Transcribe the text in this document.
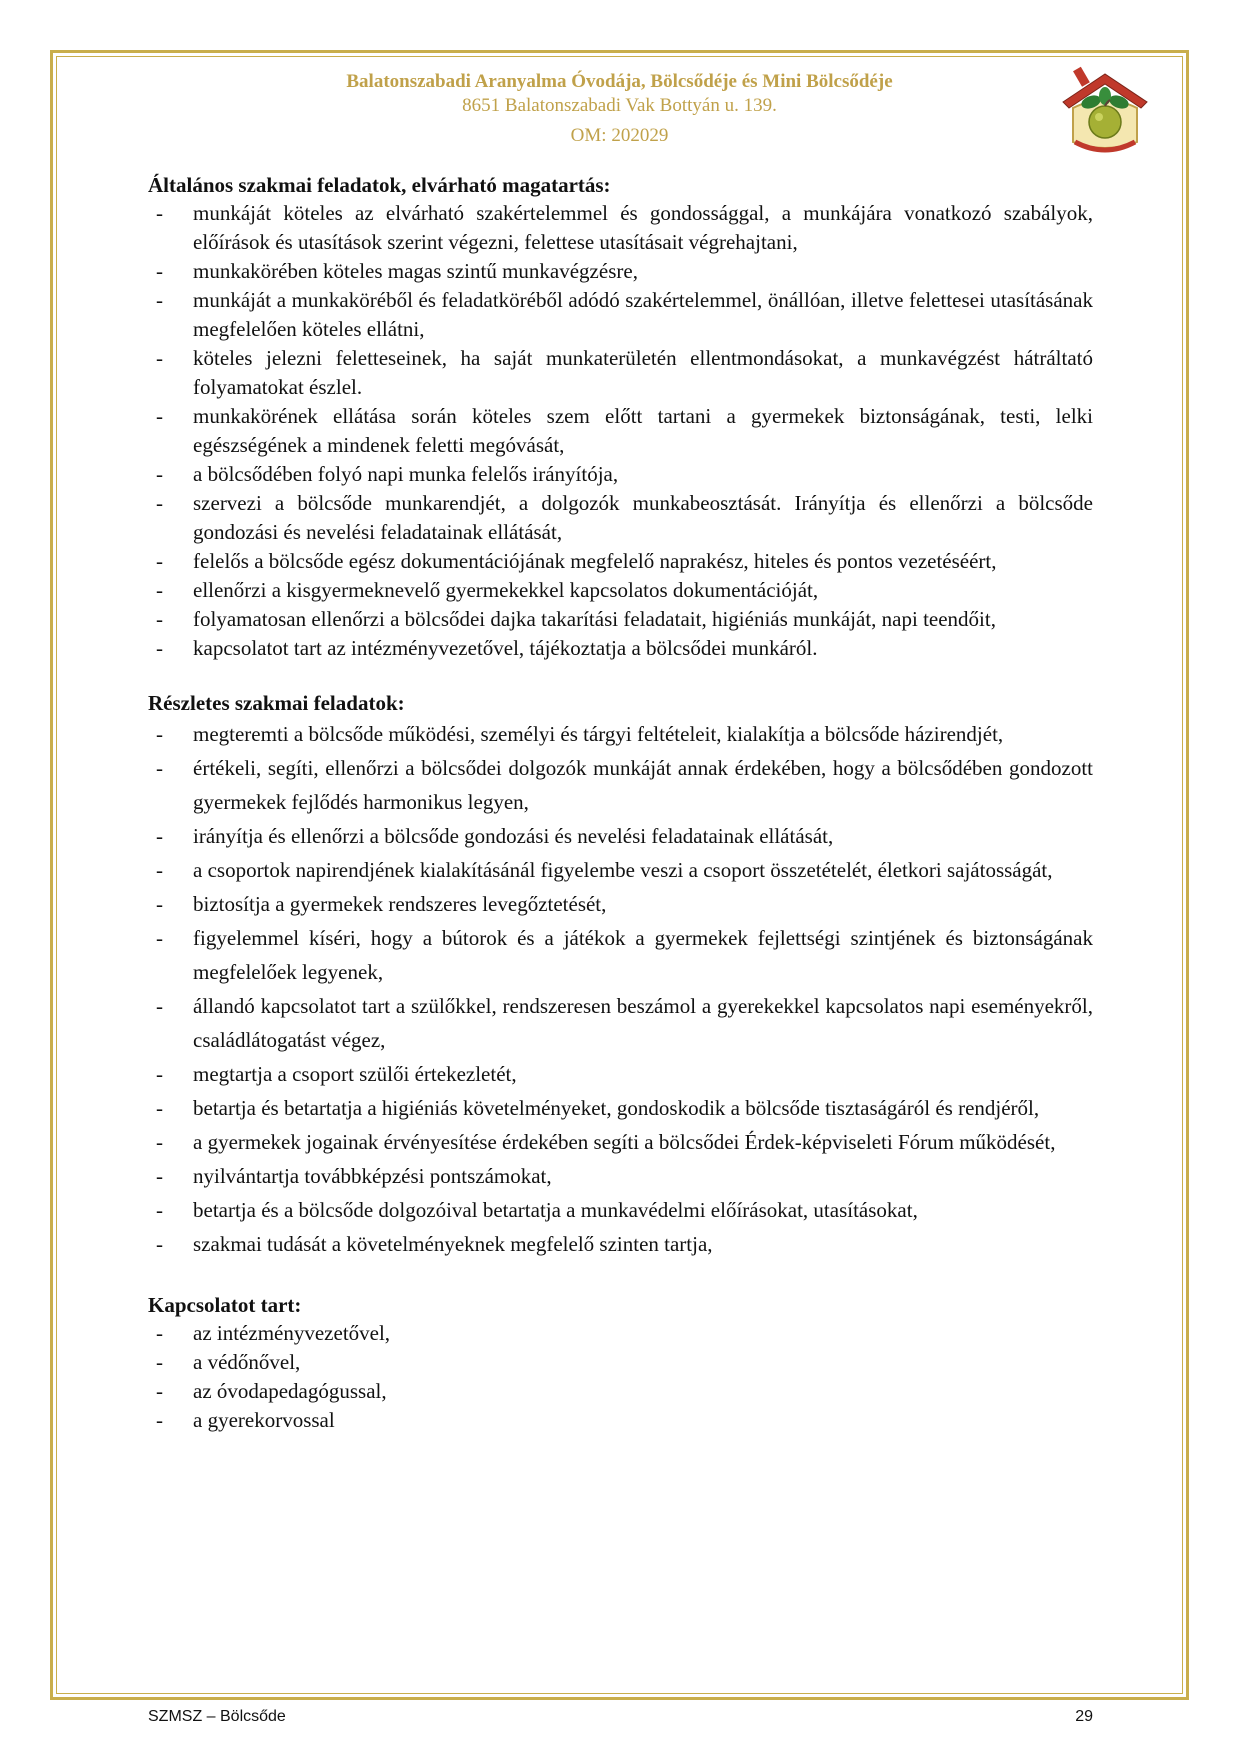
Balatonszabadi Aranyalma Óvodája, Bölcsődéje és Mini Bölcsődéje

8651 Balatonszabadi Vak Bottyán u. 139.

OM: 202029

Általános szakmai feladatok, elvárható magatartás:

- munkáját köteles az elvárható szakértelemmel és gondossággal, a munkájára vonatkozó szabályok, előírások és utasítások szerint végezni, felettese utasításait végrehajtani,
- munkakörében köteles magas szintű munkavégzésre,
- munkáját a munkaköréből és feladatköréből adódó szakértelemmel, önállóan, illetve felettesei utasításának megfelelően köteles ellátni,
- köteles jelezni feletteseinek, ha saját munkaterületén ellentmondásokat, a munkavégzést hátráltató folyamatokat észlel.
- munkakörének ellátása során köteles szem előtt tartani a gyermekek biztonságának, testi, lelki egészségének a mindenek feletti megóvását,
- a bölcsődében folyó napi munka felelős irányítója,
- szervezi a bölcsőde munkarendjét, a dolgozók munkabeosztását. Irányítja és ellenőrzi a bölcsőde gondozási és nevelési feladatainak ellátását,
- felelős a bölcsőde egész dokumentációjának megfelelő naprakész, hiteles és pontos vezetéséért,
- ellenőrzi a kisgyermeknevelő gyermekekkel kapcsolatos dokumentációját,
- folyamatosan ellenőrzi a bölcsődei dajka takarítási feladatait, higiéniás munkáját, napi teendőit,
- kapcsolatot tart az intézményvezetővel, tájékoztatja a bölcsődei munkáról.

Részletes szakmai feladatok:

- megteremti a bölcsőde működési, személyi és tárgyi feltételeit, kialakítja a bölcsőde házirendjét,
- értékeli, segíti, ellenőrzi a bölcsődei dolgozók munkáját annak érdekében, hogy a bölcsődében gondozott gyermekek fejlődés harmonikus legyen,
- irányítja és ellenőrzi a bölcsőde gondozási és nevelési feladatainak ellátását,
- a csoportok napirendjének kialakításánál figyelembe veszi a csoport összetételét, életkori sajátosságát,
- biztosítja a gyermekek rendszeres levegőztetését,
- figyelemmel kíséri, hogy a bútorok és a játékok a gyermekek fejlettségi szintjének és biztonságának megfelelőek legyenek,
- állandó kapcsolatot tart a szülőkkel, rendszeresen beszámol a gyerekekkel kapcsolatos napi eseményekről, családlátogatást végez,
- megtartja a csoport szülői értekezletét,
- betartja és betartatja a higiéniás követelményeket, gondoskodik a bölcsőde tisztaságáról és rendjéről,
- a gyermekek jogainak érvényesítése érdekében segíti a bölcsődei Érdek-képviseleti Fórum működését,
- nyilvántartja továbbképzési pontszámokat,
- betartja és a bölcsőde dolgozóival betartatja a munkavédelmi előírásokat, utasításokat,
- szakmai tudását a követelményeknek megfelelő szinten tartja,

Kapcsolatot tart:

- az intézményvezetővel,
- a védőnővel,
- az óvodapedagógussal,
- a gyerekorvossal
SZMSZ – Bölcsőde	29
